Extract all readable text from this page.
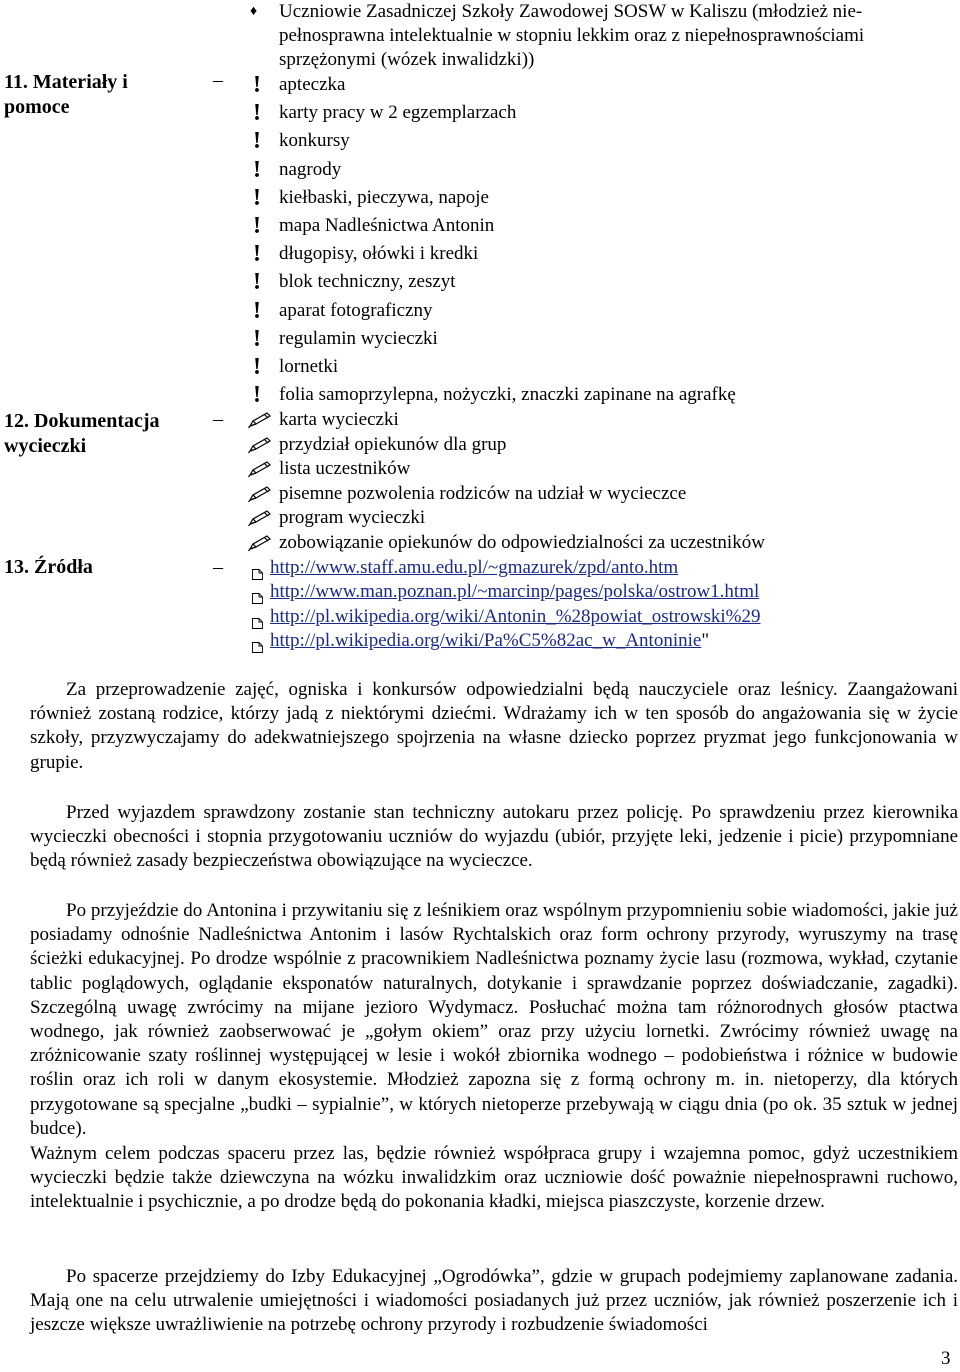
♦ Uczniowie Zasadniczej Szkoły Zawodowej SOSW w Kaliszu (młodzież nie-pełnosprawna intelektualnie w stopniu lekkim oraz z niepełnosprawnościami sprzężonymi (wózek inwalidzki))
11. Materiały i pomoce
– ! apteczka
! karty pracy w 2 egzemplarzach
! konkursy
! nagrody
! kiełbaski, pieczywa, napoje
! mapa Nadleśnictwa Antonin
! długopisy, ołówki i kredki
! blok techniczny, zeszyt
! aparat fotograficzny
! regulamin wycieczki
! lornetki
! folia samoprzylepna, nożyczki, znaczki zapinane na agrafkę
12. Dokumentacja wycieczki
–	karta wycieczki
przydział opiekunów dla grup
lista uczestników
pisemne pozwolenia rodziców na udział w wycieczce
program wycieczki
zobowiązanie opiekunów do odpowiedzialności za uczestników
13. Źródła	–	http://www.staff.amu.edu.pl/~gmazurek/zpd/anto.htm
http://www.man.poznan.pl/~marcinp/pages/polska/ostrow1.html
http://pl.wikipedia.org/wiki/Antonin_%28powiat_ostrowski%29
http://pl.wikipedia.org/wiki/Pa%C5%82ac_w_Antoninie"

Za przeprowadzenie zajęć, ogniska i konkursów odpowiedzialni będą nauczyciele oraz leśnicy. Zaangażowani również zostaną rodzice, którzy jadą z niektórymi dziećmi. Wdrażamy ich w ten sposób do angażowania się w życie szkoły, przyzwyczajamy do adekwatniejszego spojrzenia na własne dziecko poprzez pryzmat jego funkcjonowania w grupie.

Przed wyjazdem sprawdzony zostanie stan techniczny autokaru przez policję. Po sprawdzeniu przez kierownika wycieczki obecności i stopnia przygotowaniu uczniów do wyjazdu (ubiór, przyjęte leki, jedzenie i picie) przypomniane będą również zasady bezpieczeństwa obowiązujące na wycieczce.

Po przyjeździe do Antonina i przywitaniu się z leśnikiem oraz wspólnym przypomnieniu sobie wiadomości, jakie już posiadamy odnośnie Nadleśnictwa Antonim i lasów Rychtalskich oraz form ochrony przyrody, wyruszymy na trasę ścieżki edukacyjnej. Po drodze wspólnie z pracownikiem Nadleśnictwa poznamy życie lasu (rozmowa, wykład, czytanie tablic poglądowych, oglądanie eksponatów naturalnych, dotykanie i sprawdzanie poprzez doświadczanie, zagadki). Szczególną uwagę zwrócimy na mijane jezioro Wydymacz. Posłuchać można tam różnorodnych głosów ptactwa wodnego, jak również zaobserwować je „gołym okiem” oraz przy użyciu lornetki. Zwrócimy również uwagę na zróżnicowanie szaty roślinnej występującej w lesie i wokół zbiornika wodnego – podobieństwa i różnice w budowie roślin oraz ich roli w danym ekosystemie. Młodzież zapozna się z formą ochrony m. in. nietoperzy, dla których przygotowane są specjalne „budki – sypialnie”, w których nietoperze przebywają w ciągu dnia (po ok. 35 sztuk w jednej budce).

Ważnym celem podczas spaceru przez las, będzie również współpraca grupy i wzajemna pomoc, gdyż uczestnikiem wycieczki będzie także dziewczyna na wózku inwalidzkim oraz uczniowie dość poważnie niepełnosprawni ruchowo, intelektualnie i psychicznie, a po drodze będą do pokonania kładki, miejsca piaszczyste, korzenie drzew.

Po spacerze przejdziemy do Izby Edukacyjnej „Ogrodówka”, gdzie w grupach podejmiemy zaplanowane zadania. Mają one na celu utrwalenie umiejętności i wiadomości posiadanych już przez uczniów, jak również poszerzenie ich i jeszcze większe uwrażliwienie na potrzebę ochrony przyrody i rozbudzenie świadomości

3
